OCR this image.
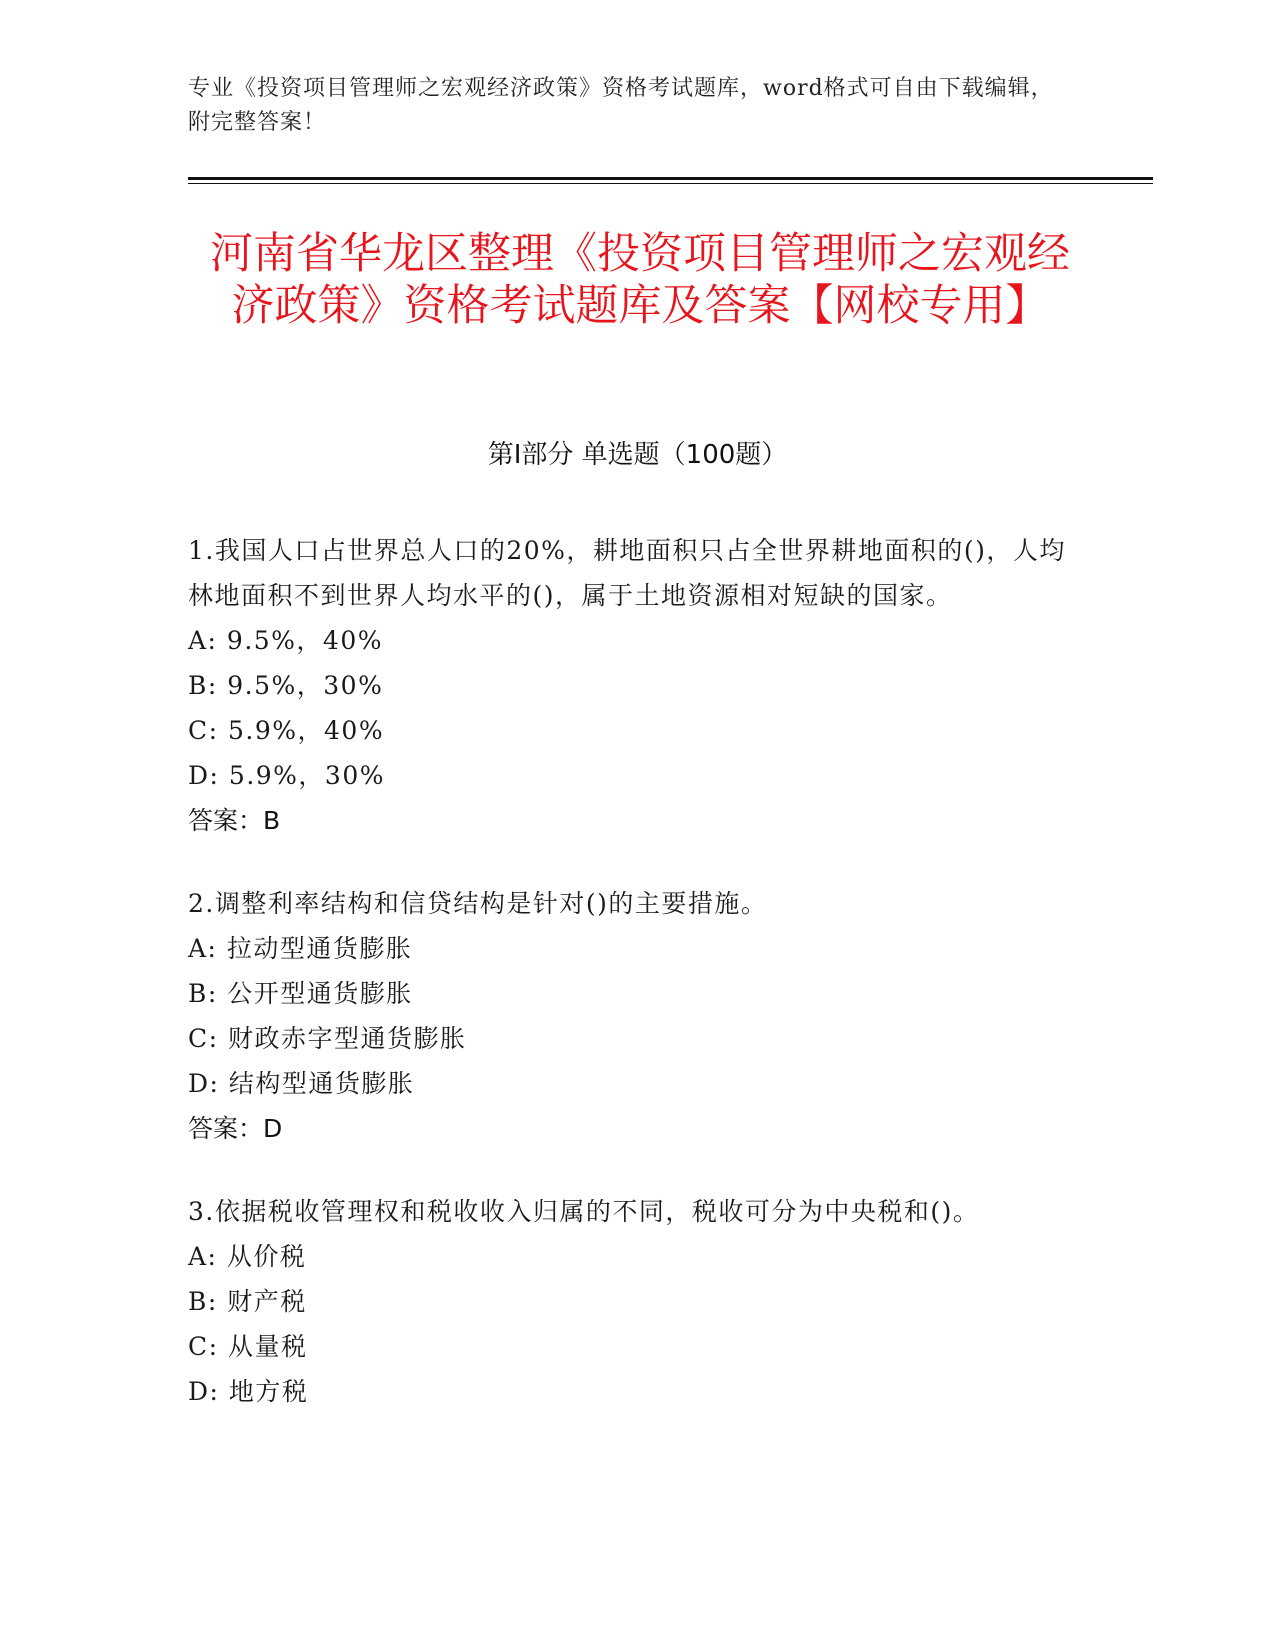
专业《投资项目管理师之宏观经济政策》资格考试题库，word格式可自由下载编辑，附完整答案！
河南省华龙区整理《投资项目管理师之宏观经济政策》资格考试题库及答案【网校专用】
第I部分 单选题（100题）
1.我国人口占世界总人口的20%，耕地面积只占全世界耕地面积的()，人均林地面积不到世界人均水平的()，属于土地资源相对短缺的国家。
A: 9.5%，40%
B: 9.5%，30%
C: 5.9%，40%
D: 5.9%，30%
答案：B
2.调整利率结构和信贷结构是针对()的主要措施。
A: 拉动型通货膨胀
B: 公开型通货膨胀
C: 财政赤字型通货膨胀
D: 结构型通货膨胀
答案：D
3.依据税收管理权和税收收入归属的不同，税收可分为中央税和()。
A: 从价税
B: 财产税
C: 从量税
D: 地方税
